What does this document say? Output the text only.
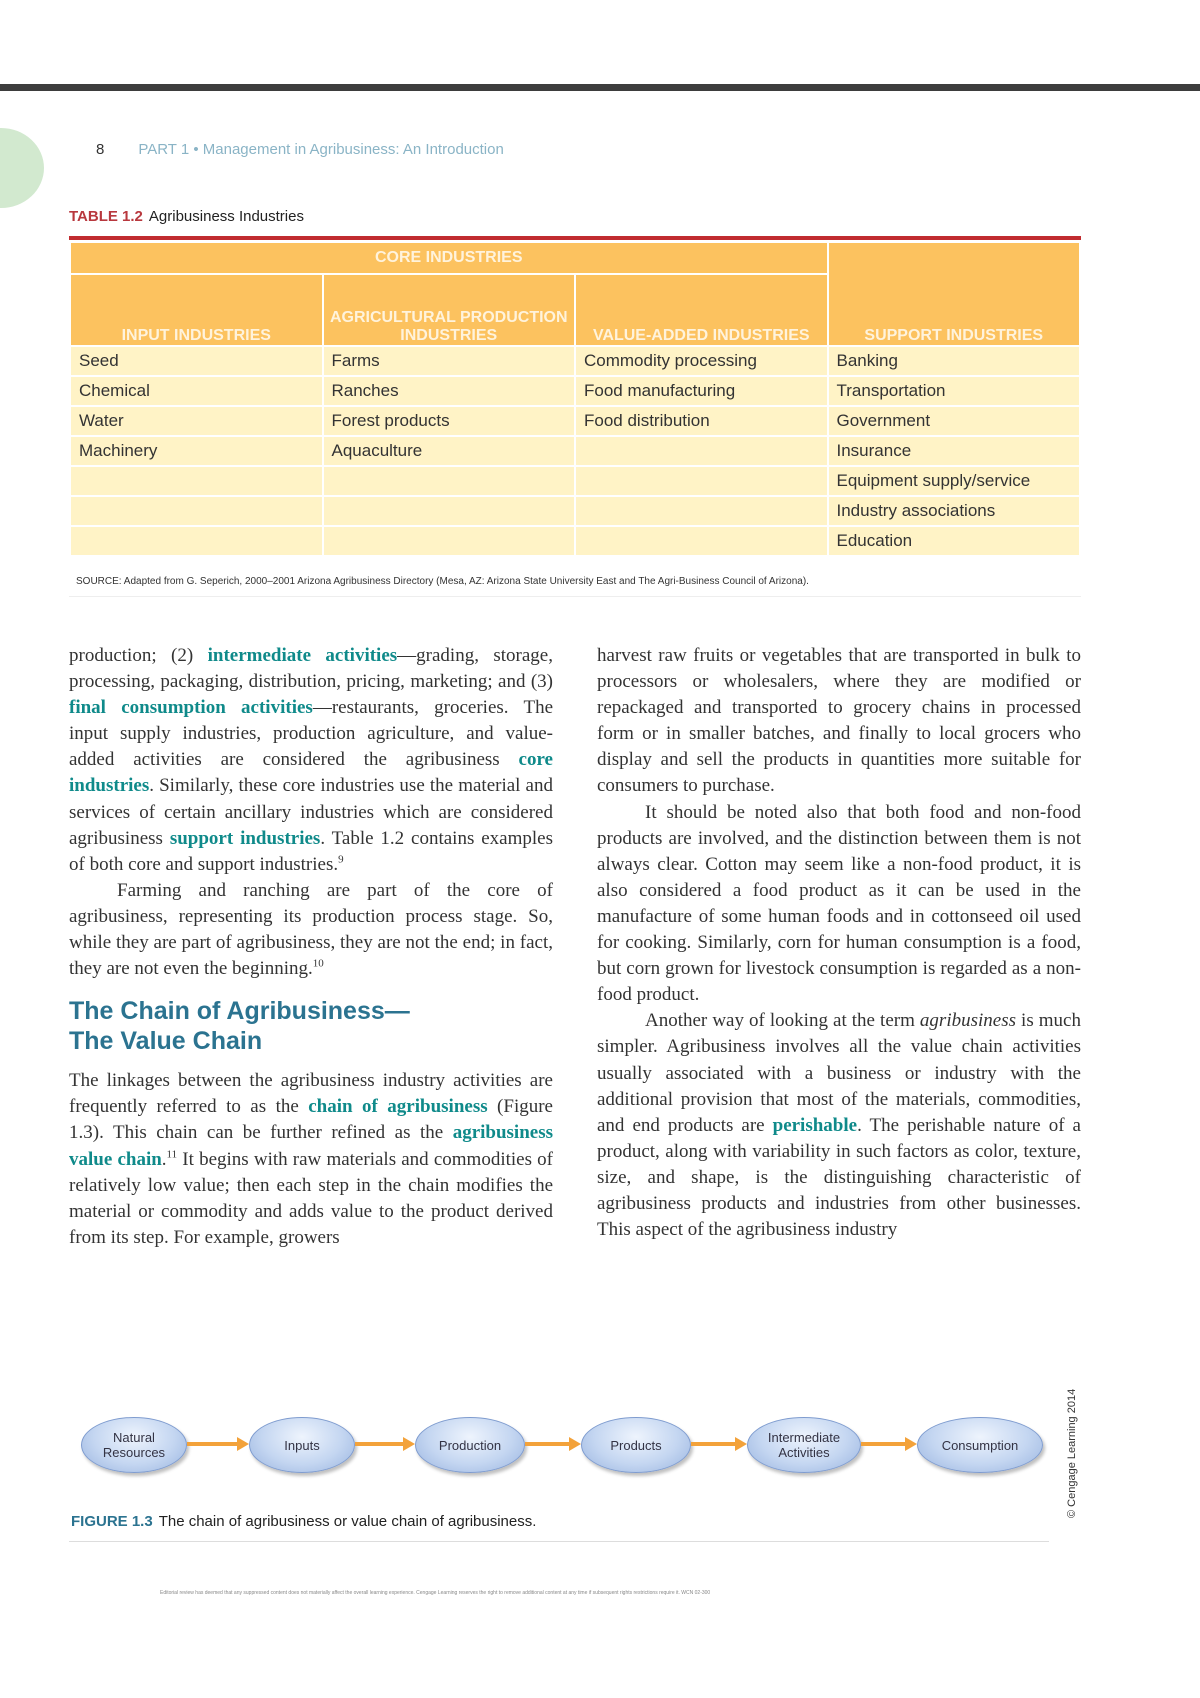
8 PART 1 • Management in Agribusiness: An Introduction
TABLE 1.2 Agribusiness Industries
CORE INDUSTRIES			SUPPORT INDUSTRIES
INPUT INDUSTRIES	AGRICULTURAL PRODUCTION INDUSTRIES	VALUE-ADDED INDUSTRIES	
Seed	Farms	Commodity processing	Banking
Chemical	Ranches	Food manufacturing	Transportation
Water	Forest products	Food distribution	Government
Machinery	Aquaculture		Insurance
			Equipment supply/service
			Industry associations
			Education
SOURCE: Adapted from G. Seperich, 2000–2001 Arizona Agribusiness Directory (Mesa, AZ: Arizona State University East and The Agri-Business Council of Arizona).

production; (2) intermediate activities—grading, storage, processing, packaging, distribution, pricing, marketing; and (3) final consumption activities—restaurants, groceries. The input supply industries, production agriculture, and value-added activities are considered the agribusiness core industries. Similarly, these core industries use the material and services of certain ancillary industries which are considered agribusiness support industries. Table 1.2 contains examples of both core and support industries.$^9$

Farming and ranching are part of the core of agribusiness, representing its production process stage. So, while they are part of agribusiness, they are not the end; in fact, they are not even the beginning.$^{10}$

The Chain of Agribusiness—
The Value Chain

The linkages between the agribusiness industry activities are frequently referred to as the chain of agribusiness (Figure 1.3). This chain can be further refined as the agribusiness value chain.$^{11}$ It begins with raw materials and commodities of relatively low value; then each step in the chain modifies the material or commodity and adds value to the product derived from its step. For example, growers

harvest raw fruits or vegetables that are transported in bulk to processors or wholesalers, where they are modified or repackaged and transported to grocery chains in processed form or in smaller batches, and finally to local grocers who display and sell the products in quantities more suitable for consumers to purchase.

It should be noted also that both food and non-food products are involved, and the distinction between them is not always clear. Cotton may seem like a non-food product, it is also considered a food product as it can be used in the manufacture of some human foods and in cottonseed oil used for cooking. Similarly, corn for human consumption is a food, but corn grown for livestock consumption is regarded as a non-food product.

Another way of looking at the term agribusiness is much simpler. Agribusiness involves all the value chain activities usually associated with a business or industry with the additional provision that most of the materials, commodities, and end products are perishable. The perishable nature of a product, along with variability in such factors as color, texture, size, and shape, is the distinguishing characteristic of agribusiness products and industries from other businesses. This aspect of the agribusiness industry

Natural
Resources	Inputs	Production	Products	Intermediate
Activities	Consumption
FIGURE 1.3 The chain of agribusiness or value chain of agribusiness.
© Cengage Learning 2014
Editorial review has deemed that any suppressed content does not materially affect the overall learning experience. Cengage Learning reserves the right to remove additional content at any time if subsequent rights restrictions require it. WCN 02-300
